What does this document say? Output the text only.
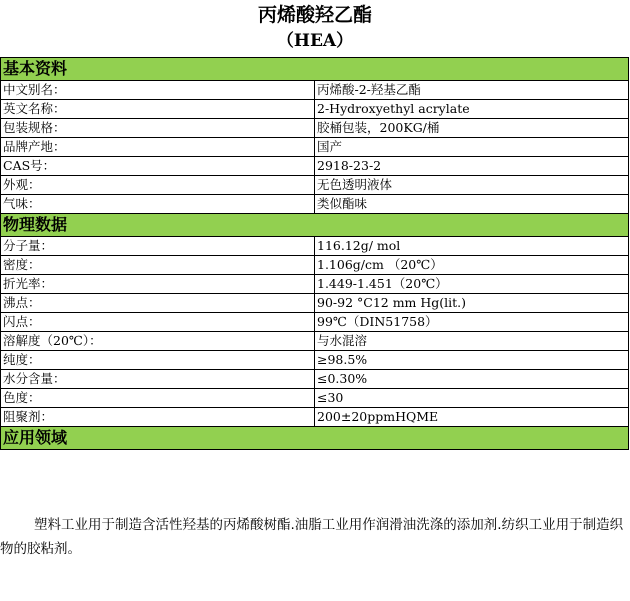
丙烯酸羟乙酯
（HEA）
基本资料	
中文别名：	丙烯酸-2-羟基乙酯
英文名称：	2-Hydroxyethyl acrylate
包装规格：	胶桶包装，200KG/桶
品牌产地：	国产
CAS号：	2918-23-2
外观：	无色透明液体
气味：	类似酯味
物理数据	
分子量：	116.12g/ mol
密度：	1.106g/cm （20℃）
折光率：	1.449-1.451（20℃）
沸点：	90-92 °C12 mm Hg(lit.)
闪点：	99℃（DIN51758）
溶解度（20℃）：	与水混溶
纯度：	≥98.5%
水分含量：	≤0.30%
色度：	≤30
阻聚剂：	200±20ppmHQME
应用领域	
塑料工业用于制造含活性羟基的丙烯酸树酯.油脂工业用作润滑油洗涤的添加剂.纺织工业用于制造织物的胶粘剂。
